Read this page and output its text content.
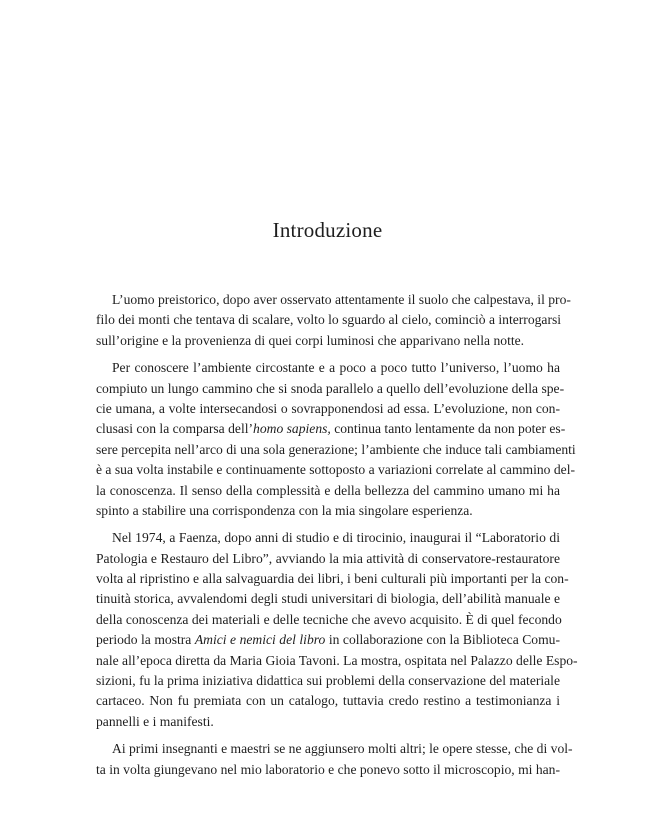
Introduzione
L’uomo preistorico, dopo aver osservato attentamente il suolo che calpestava, il pro-
filo dei monti che tentava di scalare, volto lo sguardo al cielo, cominciò a interrogarsi
sull’origine e la provenienza di quei corpi luminosi che apparivano nella notte.
Per conoscere l’ambiente circostante e a poco a poco tutto l’universo, l’uomo ha
compiuto un lungo cammino che si snoda parallelo a quello dell’evoluzione della spe-
cie umana, a volte intersecandosi o sovrapponendosi ad essa. L’evoluzione, non con-
clusasi con la comparsa dell’homo sapiens, continua tanto lentamente da non poter es-
sere percepita nell’arco di una sola generazione; l’ambiente che induce tali cambiamenti
è a sua volta instabile e continuamente sottoposto a variazioni correlate al cammino del-
la conoscenza. Il senso della complessità e della bellezza del cammino umano mi ha
spinto a stabilire una corrispondenza con la mia singolare esperienza.
Nel 1974, a Faenza, dopo anni di studio e di tirocinio, inaugurai il “Laboratorio di
Patologia e Restauro del Libro”, avviando la mia attività di conservatore-restauratore
volta al ripristino e alla salvaguardia dei libri, i beni culturali più importanti per la con-
tinuità storica, avvalendomi degli studi universitari di biologia, dell’abilità manuale e
della conoscenza dei materiali e delle tecniche che avevo acquisito. È di quel fecondo
periodo la mostra Amici e nemici del libro in collaborazione con la Biblioteca Comu-
nale all’epoca diretta da Maria Gioia Tavoni. La mostra, ospitata nel Palazzo delle Espo-
sizioni, fu la prima iniziativa didattica sui problemi della conservazione del materiale
cartaceo. Non fu premiata con un catalogo, tuttavia credo restino a testimonianza i
pannelli e i manifesti.
Ai primi insegnanti e maestri se ne aggiunsero molti altri; le opere stesse, che di vol-
ta in volta giungevano nel mio laboratorio e che ponevo sotto il microscopio, mi han-
